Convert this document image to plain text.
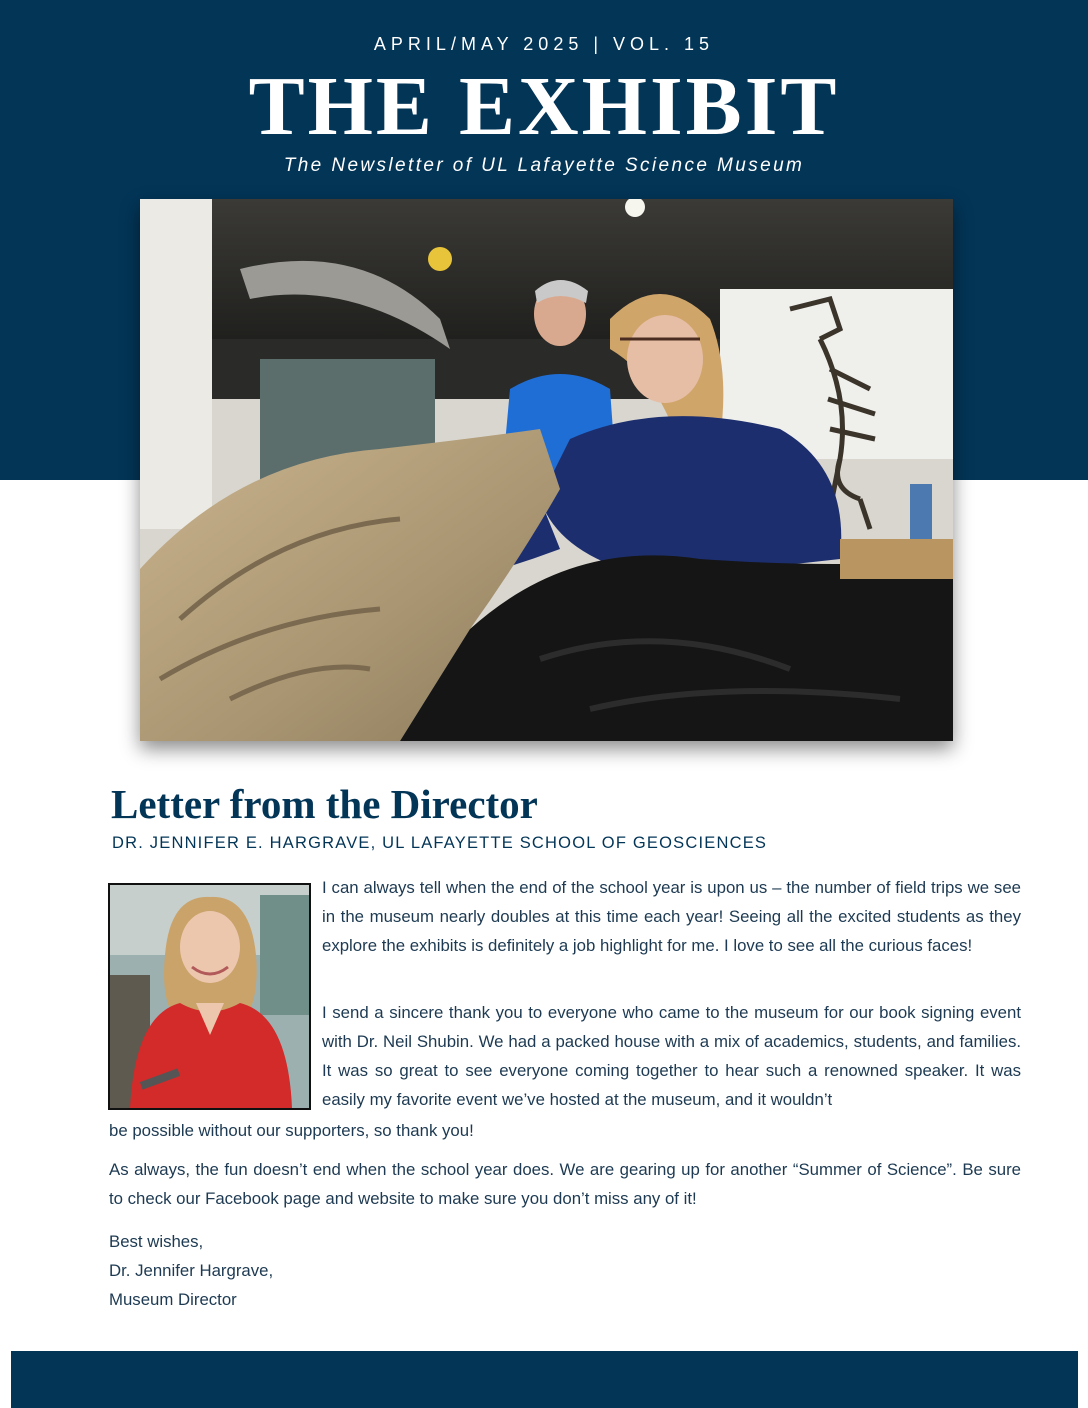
APRIL/MAY 2025 | VOL. 15
THE EXHIBIT
The Newsletter of UL Lafayette Science Museum
Letter from the Director
DR. JENNIFER E. HARGRAVE, UL LAFAYETTE SCHOOL OF GEOSCIENCES
I can always tell when the end of the school year is upon us – the number of field trips we see in the museum nearly doubles at this time each year! Seeing all the excited students as they explore the exhibits is definitely a job highlight for me. I love to see all the curious faces!
I send a sincere thank you to everyone who came to the museum for our book signing event with Dr. Neil Shubin. We had a packed house with a mix of academics, students, and families. It was so great to see everyone coming together to hear such a renowned speaker. It was easily my favorite event we’ve hosted at the museum, and it wouldn’t
be possible without our supporters, so thank you!
As always, the fun doesn’t end when the school year does. We are gearing up for another “Summer of Science”. Be sure to check our Facebook page and website to make sure you don’t miss any of it!
Best wishes,
Dr. Jennifer Hargrave,
Museum Director
